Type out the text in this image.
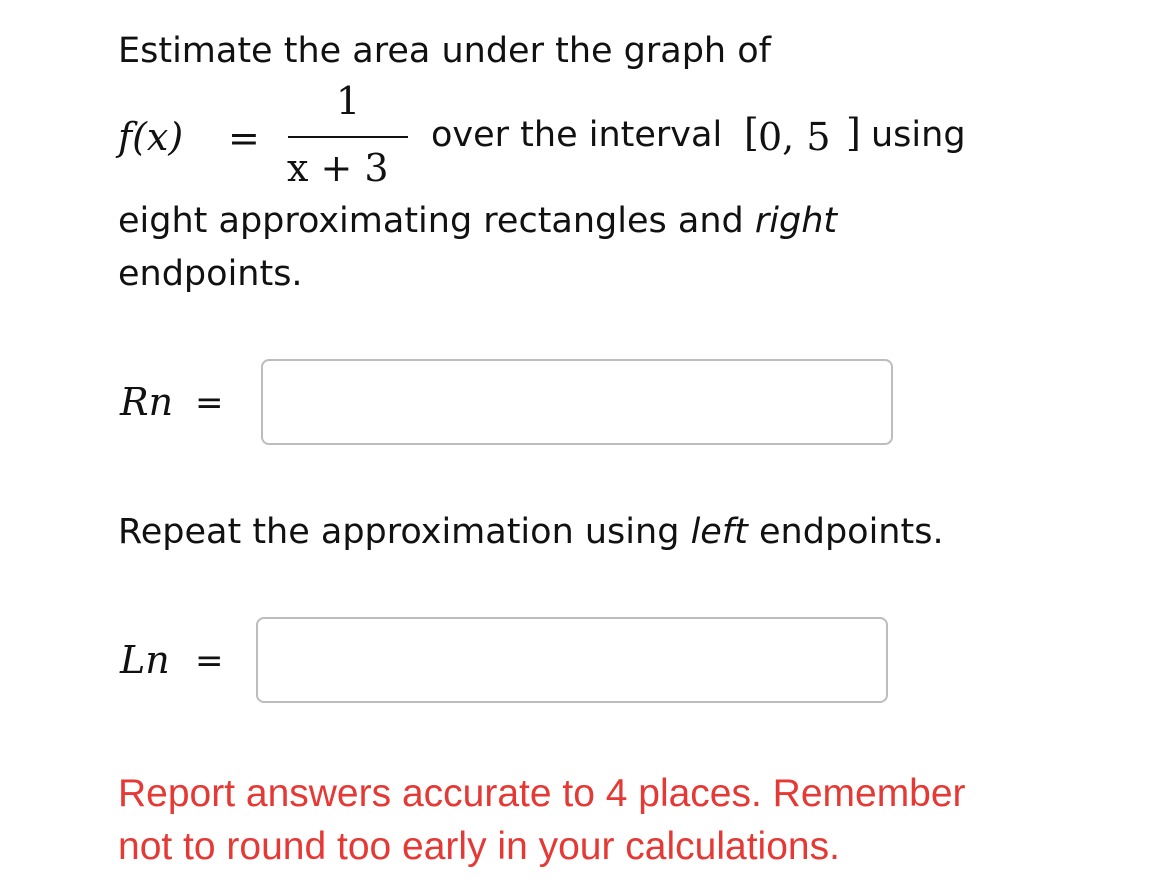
Estimate the area under the graph of
f(x) =
1
x + 3
over the interval [ 0, 5 ] using
eight approximating rectangles and right
endpoints.
Rn =
Repeat the approximation using left endpoints.
Ln =
Report answers accurate to 4 places. Remember
not to round too early in your calculations.
